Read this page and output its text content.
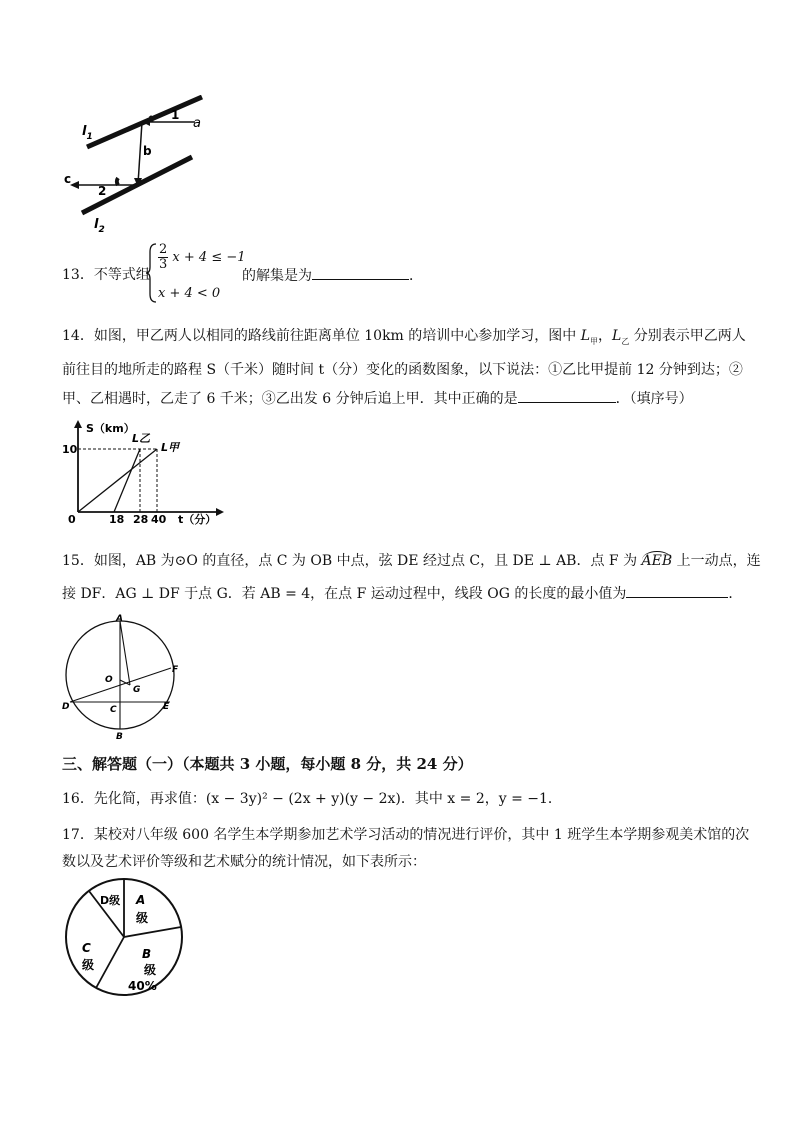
$l_1$
$l_2$
a
b
c
1
2
13．不等式组
$\frac{2}{3}$ x + 4 ≤ −1
x + 4 < 0
的解集是为	．
14．如图，甲乙两人以相同的路线前往距离单位 10km 的培训中心参加学习，图中 $L_甲$，$L_乙$ 分别表示甲乙两人
前往目的地所走的路程 S（千米）随时间 t（分）变化的函数图象，以下说法：①乙比甲提前 12 分钟到达；②
甲、乙相遇时，乙走了 6 千米；③乙出发 6 分钟后追上甲．其中正确的是	．（填序号）
S（km）
t（分）
10
0	18 28 40
L乙
L甲
15．如图，AB 为⊙O 的直径，点 C 为 OB 中点，弦 DE 经过点 C，且 DE ⊥ AB．点 F 为 AEB 上一动点，连
接 DF．AG ⊥ DF 于点 G．若 AB = 4，在点 F 运动过程中，线段 OG 的长度的最小值为	．
A
O
G
F
D	C	E
B
三、解答题（一）（本题共 3 小题，每小题 8 分，共 24 分）
16．先化简，再求值：(x − 3y)² − (2x + y)(y − 2x)．其中 x = 2，y = −1．
17．某校对八年级 600 名学生本学期参加艺术学习活动的情况进行评价，其中 1 班学生本学期参观美术馆的次
数以及艺术评价等级和艺术赋分的统计情况，如下表所示：
D级 A
级
B
级
40%
C
级
